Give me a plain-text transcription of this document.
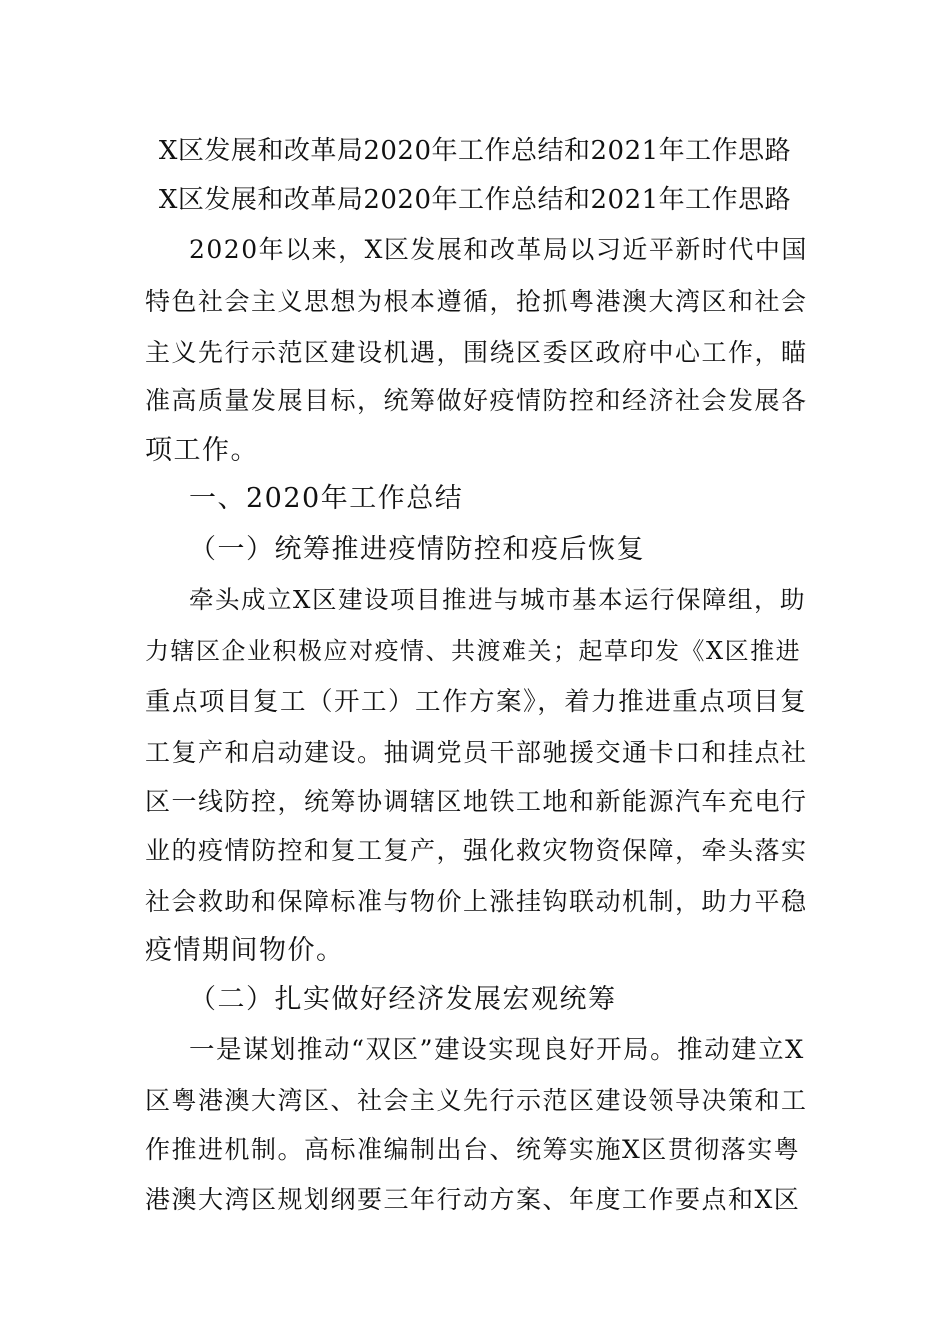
X区发展和改革局2020年工作总结和2021年工作思路
X区发展和改革局2020年工作总结和2021年工作思路
2020年以来，X区发展和改革局以习近平新时代中国
特色社会主义思想为根本遵循，抢抓粤港澳大湾区和社会
主义先行示范区建设机遇，围绕区委区政府中心工作，瞄
准高质量发展目标，统筹做好疫情防控和经济社会发展各
项工作。
一、2020年工作总结
（一）统筹推进疫情防控和疫后恢复
牵头成立X区建设项目推进与城市基本运行保障组，助
力辖区企业积极应对疫情、共渡难关；起草印发《X区推进
重点项目复工（开工）工作方案》，着力推进重点项目复
工复产和启动建设。抽调党员干部驰援交通卡口和挂点社
区一线防控，统筹协调辖区地铁工地和新能源汽车充电行
业的疫情防控和复工复产，强化救灾物资保障，牵头落实
社会救助和保障标准与物价上涨挂钩联动机制，助力平稳
疫情期间物价。
（二）扎实做好经济发展宏观统筹
一是谋划推动“双区”建设实现良好开局。推动建立X
区粤港澳大湾区、社会主义先行示范区建设领导决策和工
作推进机制。高标准编制出台、统筹实施X区贯彻落实粤
港澳大湾区规划纲要三年行动方案、年度工作要点和X区
